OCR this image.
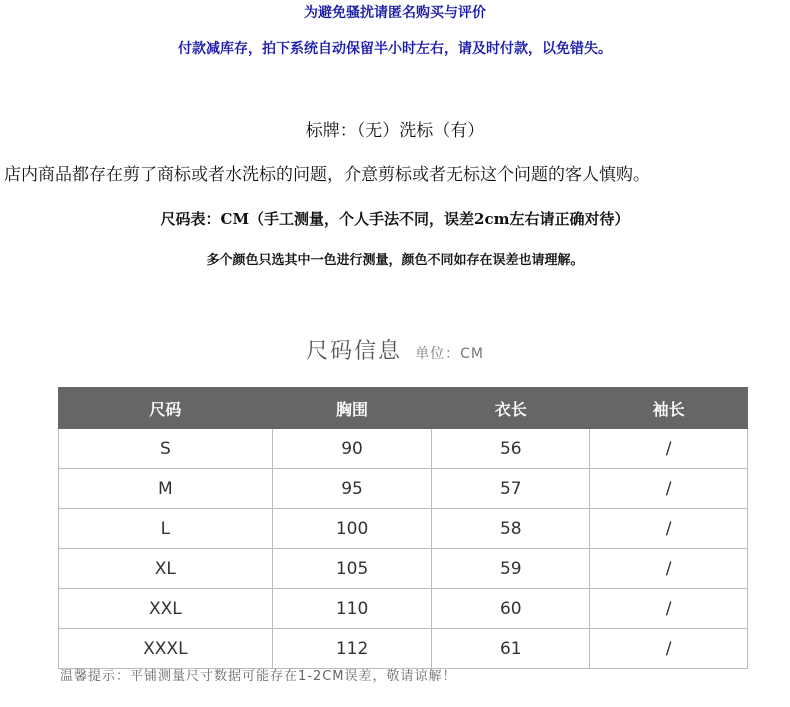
为避免骚扰请匿名购买与评价
付款减库存，拍下系统自动保留半小时左右，请及时付款，以免错失。
标牌：（无）洗标（有）
店内商品都存在剪了商标或者水洗标的问题，介意剪标或者无标这个问题的客人慎购。
尺码表：CM（手工测量，个人手法不同，误差2cm左右请正确对待）
多个颜色只选其中一色进行测量，颜色不同如存在误差也请理解。
尺码信息 单位：CM
尺码	胸围	衣长	袖长
S	90	56	/
M	95	57	/
L	100	58	/
XL	105	59	/
XXL	110	60	/
XXXL	112	61	/
温馨提示：平铺测量尺寸数据可能存在1-2CM误差，敬请谅解！
